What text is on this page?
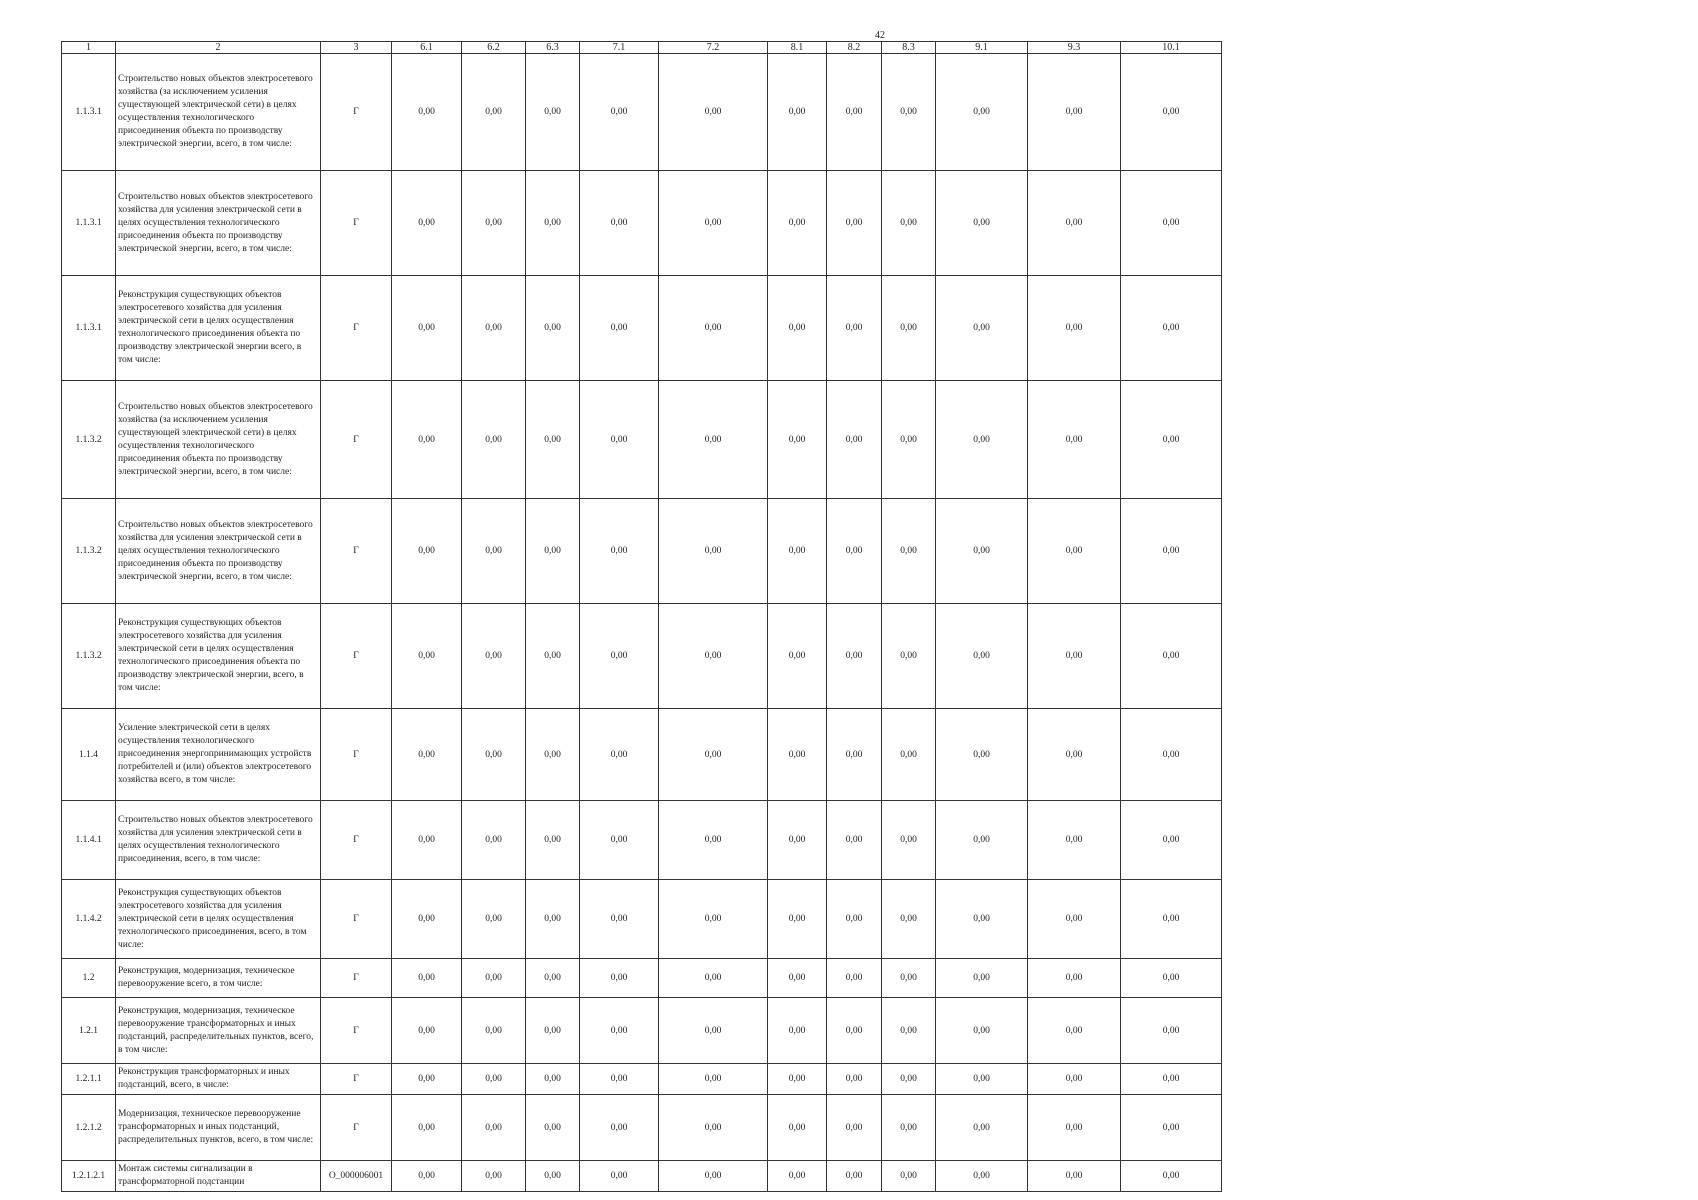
42
1	2	3	6.1	6.2	6.3	7.1	7.2	8.1	8.2	8.3	9.1	9.3	10.1
1.1.3.1	Строительство новых объектов электросетевого хозяйства (за исключением усиления существующей электрической сети) в целях осуществления технологического присоединения объекта по производству электрической энергии, всего, в том числе:	Г	0,00	0,00	0,00	0,00	0,00	0,00	0,00	0,00	0,00	0,00	0,00
1.1.3.1	Строительство новых объектов электросетевого хозяйства для усиления электрической сети в целях осуществления технологического присоединения объекта по производству электрической энергии, всего, в том числе:	Г	0,00	0,00	0,00	0,00	0,00	0,00	0,00	0,00	0,00	0,00	0,00
1.1.3.1	Реконструкция существующих объектов электросетевого хозяйства для усиления электрической сети в целях осуществления технологического присоединения объекта по производству электрической энергии всего, в том числе:	Г	0,00	0,00	0,00	0,00	0,00	0,00	0,00	0,00	0,00	0,00	0,00
1.1.3.2	Строительство новых объектов электросетевого хозяйства (за исключением усиления существующей электрической сети) в целях осуществления технологического присоединения объекта по производству электрической энергии, всего, в том числе:	Г	0,00	0,00	0,00	0,00	0,00	0,00	0,00	0,00	0,00	0,00	0,00
1.1.3.2	Строительство новых объектов электросетевого хозяйства для усиления электрической сети в целях осуществления технологического присоединения объекта по производству электрической энергии, всего, в том числе:	Г	0,00	0,00	0,00	0,00	0,00	0,00	0,00	0,00	0,00	0,00	0,00
1.1.3.2	Реконструкция существующих объектов электросетевого хозяйства для усиления электрической сети в целях осуществления технологического присоединения объекта по производству электрической энергии, всего, в том числе:	Г	0,00	0,00	0,00	0,00	0,00	0,00	0,00	0,00	0,00	0,00	0,00
1.1.4	Усиление электрической сети в целях осуществления технологического присоединения энергопринимающих устройств потребителей и (или) объектов электросетевого хозяйства всего, в том числе:	Г	0,00	0,00	0,00	0,00	0,00	0,00	0,00	0,00	0,00	0,00	0,00
1.1.4.1	Строительство новых объектов электросетевого хозяйства для усиления электрической сети в целях осуществления технологического присоединения, всего, в том числе:	Г	0,00	0,00	0,00	0,00	0,00	0,00	0,00	0,00	0,00	0,00	0,00
1.1.4.2	Реконструкция существующих объектов электросетевого хозяйства для усиления электрической сети в целях осуществления технологического присоединения, всего, в том числе:	Г	0,00	0,00	0,00	0,00	0,00	0,00	0,00	0,00	0,00	0,00	0,00
1.2	Реконструкция, модернизация, техническое перевооружение всего, в том числе:	Г	0,00	0,00	0,00	0,00	0,00	0,00	0,00	0,00	0,00	0,00	0,00
1.2.1	Реконструкция, модернизация, техническое перевооружение трансформаторных и иных подстанций, распределительных пунктов, всего, в том числе:	Г	0,00	0,00	0,00	0,00	0,00	0,00	0,00	0,00	0,00	0,00	0,00
1.2.1.1	Реконструкция трансформаторных и иных подстанций, всего, в числе:	Г	0,00	0,00	0,00	0,00	0,00	0,00	0,00	0,00	0,00	0,00	0,00
1.2.1.2	Модернизация, техническое перевооружение трансформаторных и иных подстанций, распределительных пунктов, всего, в том числе:	Г	0,00	0,00	0,00	0,00	0,00	0,00	0,00	0,00	0,00	0,00	0,00
1.2.1.2.1	Монтаж системы сигнализации в трансформаторной подстанции	О_000006001	0,00	0,00	0,00	0,00	0,00	0,00	0,00	0,00	0,00	0,00	0,00
